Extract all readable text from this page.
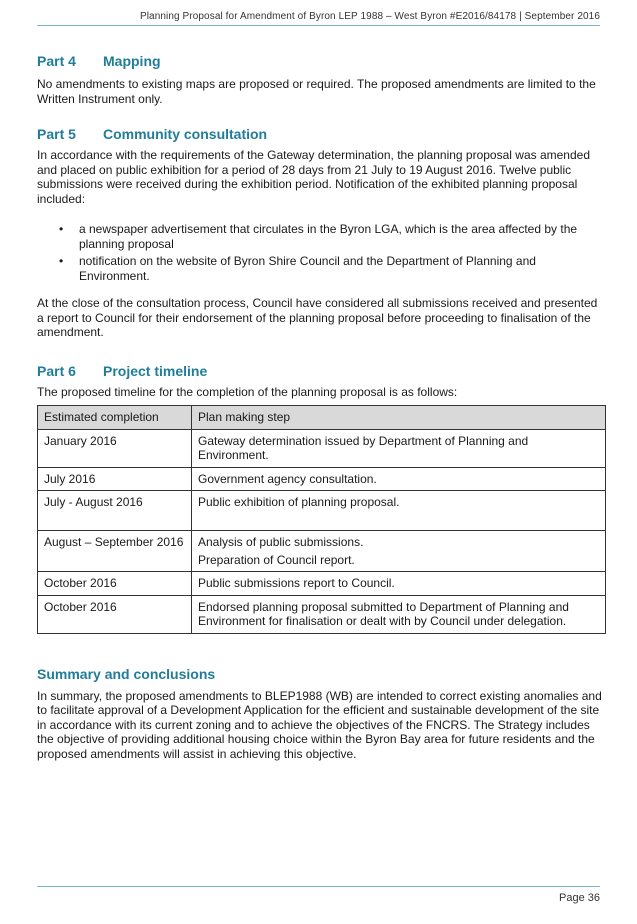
Planning Proposal for Amendment of Byron LEP 1988 – West Byron #E2016/84178 | September 2016
Part 4	Mapping

No amendments to existing maps are proposed or required. The proposed amendments are limited to the Written Instrument only.

Part 5	Community consultation

In accordance with the requirements of the Gateway determination, the planning proposal was amended and placed on public exhibition for a period of 28 days from 21 July to 19 August 2016. Twelve public submissions were received during the exhibition period. Notification of the exhibited planning proposal included:

• a newspaper advertisement that circulates in the Byron LGA, which is the area affected by the planning proposal
• notification on the website of Byron Shire Council and the Department of Planning and Environment.

At the close of the consultation process, Council have considered all submissions received and presented a report to Council for their endorsement of the planning proposal before proceeding to finalisation of the amendment.

Part 6	Project timeline

The proposed timeline for the completion of the planning proposal is as follows:

Estimated completion	Plan making step
January 2016	Gateway determination issued by Department of Planning and Environment.

July 2016	Government agency consultation.

July - August 2016	Public exhibition of planning proposal.

August – September 2016	Analysis of public submissions.
Preparation of Council report.

October 2016	Public submissions report to Council.

October 2016	Endorsed planning proposal submitted to Department of Planning and Environment for finalisation or dealt with by Council under delegation.
Summary and conclusions

In summary, the proposed amendments to BLEP1988 (WB) are intended to correct existing anomalies and to facilitate approval of a Development Application for the efficient and sustainable development of the site in accordance with its current zoning and to achieve the objectives of the FNCRS. The Strategy includes the objective of providing additional housing choice within the Byron Bay area for future residents and the proposed amendments will assist in achieving this objective.

Page 36
